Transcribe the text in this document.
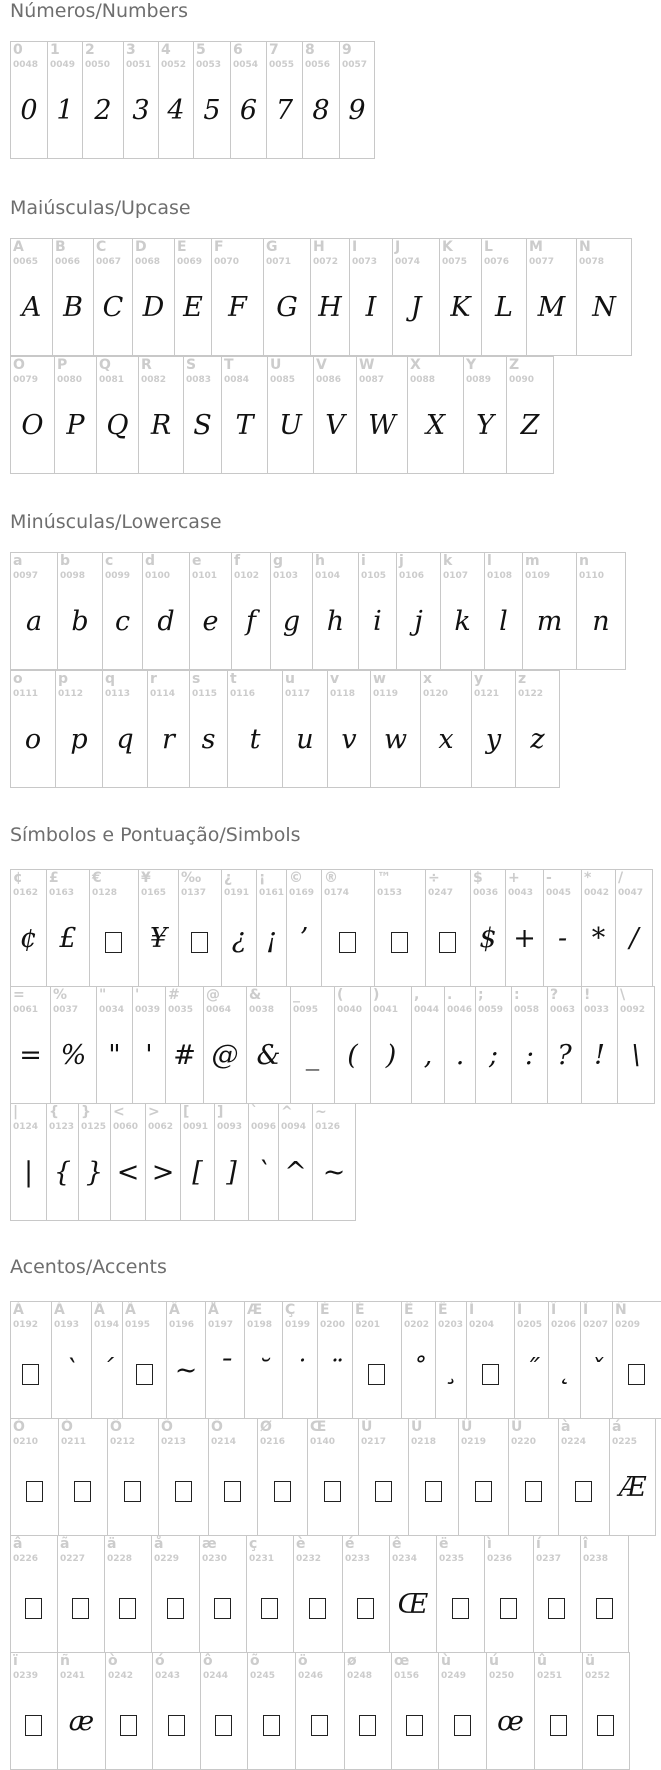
Números/Numbers
0
0048
0
1
0049
1
2
0050
2
3
0051
3
4
0052
4
5
0053
5
6
0054
6
7
0055
7
8
0056
8
9
0057
9
Maiúsculas/Upcase
A
0065
A
B
0066
B
C
0067
C
D
0068
D
E
0069
E
F
0070
F
G
0071
G
H
0072
H
I
0073
I
J
0074
J
K
0075
K
L
0076
L
M
0077
M
N
0078
N
O
0079
O
P
0080
P
Q
0081
Q
R
0082
R
S
0083
S
T
0084
T
U
0085
U
V
0086
V
W
0087
W
X
0088
X
Y
0089
Y
Z
0090
Z
Minúsculas/Lowercase
a
0097
a
b
0098
b
c
0099
c
d
0100
d
e
0101
e
f
0102
f
g
0103
g
h
0104
h
i
0105
i
j
0106
j
k
0107
k
l
0108
l
m
0109
m
n
0110
n
o
0111
o
p
0112
p
q
0113
q
r
0114
r
s
0115
s
t
0116
t
u
0117
u
v
0118
v
w
0119
w
x
0120
x
y
0121
y
z
0122
z
Símbolos e Pontuação/Simbols
¢
0162
¢
£
0163
£
€
0128
¥
0165
¥
‰
0137
¿
0191
¿
¡
0161
¡
©
0169
’
®
0174
™
0153
÷
0247
$
0036
$
+
0043
+
-
0045
-
*
0042
*
/
0047
/
=
0061
=
%
0037
%
"
0034
"
'
0039
'
#
0035
#
@
0064
@
&
0038
&
_
0095
_
(
0040
(
)
0041
)
,
0044
,
.
0046
.
;
0059
;
:
0058
:
?
0063
?
!
0033
!
\
0092
\
|
0124
|
{
0123
{
}
0125
}
<
0060
<
>
0062
>
[
0091
[
]
0093
]
`
0096
`
^
0094
^
~
0126
~
Acentos/Accents
À
0192
Á
0193
`
Â
0194
´
Ã
0195
Ä
0196
~
Å
0197
¯
Æ
0198
˘
Ç
0199
˙
È
0200
¨
É
0201
Ê
0202
˚
Ë
0203
¸
Ì
0204
Í
0205
˝
Î
0206
˛
Ï
0207
ˇ
Ñ
0209
Ò
0210
Ó
0211
Ô
0212
Õ
0213
Ö
0214
Ø
0216
Œ
0140
Ù
0217
Ú
0218
Û
0219
Ü
0220
à
0224
á
0225
Æ
â
0226
ã
0227
ä
0228
å
0229
æ
0230
ç
0231
è
0232
é
0233
ê
0234
Œ
ë
0235
ì
0236
í
0237
î
0238
ï
0239
ñ
0241
æ
ò
0242
ó
0243
ô
0244
õ
0245
ö
0246
ø
0248
œ
0156
ù
0249
ú
0250
œ
û
0251
ü
0252
